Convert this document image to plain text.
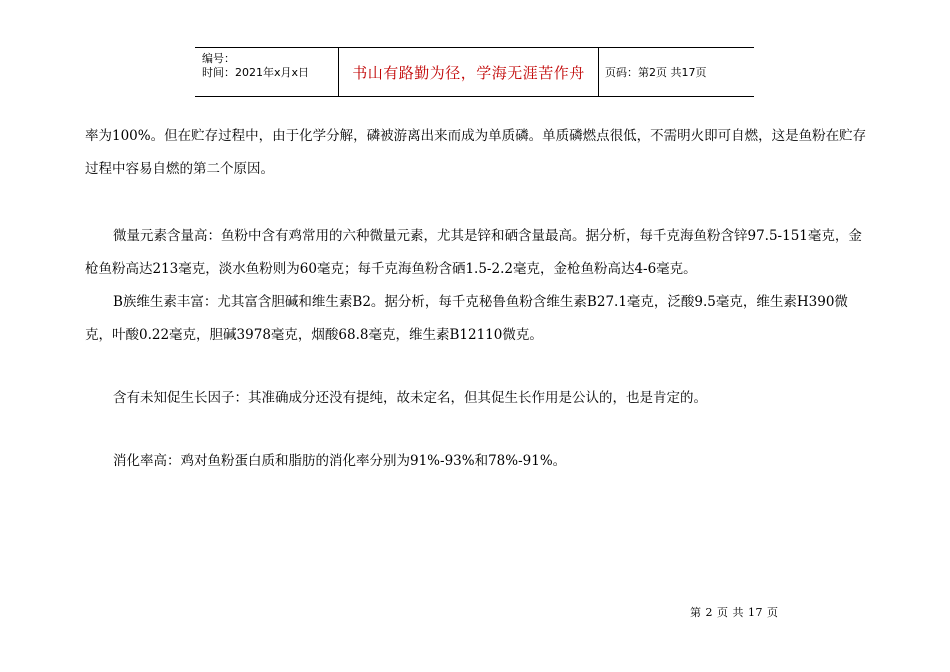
编号：
时间：2021年x月x日	书山有路勤为径，学海无涯苦作舟	页码：第2页 共17页

率为100%。但在贮存过程中，由于化学分解，磷被游离出来而成为单质磷。单质磷燃点很低，不需明火即可自燃，这是鱼粉在贮存过程中容易自燃的第二个原因。

微量元素含量高：鱼粉中含有鸡常用的六种微量元素，尤其是锌和硒含量最高。据分析，每千克海鱼粉含锌97.5-151毫克，金枪鱼粉高达213毫克，淡水鱼粉则为60毫克；每千克海鱼粉含硒1.5-2.2毫克，金枪鱼粉高达4-6毫克。

B族维生素丰富：尤其富含胆碱和维生素B2。据分析，每千克秘鲁鱼粉含维生素B27.1毫克，泛酸9.5毫克，维生素H390微克，叶酸0.22毫克，胆碱3978毫克，烟酸68.8毫克，维生素B12110微克。

含有未知促生长因子：其准确成分还没有提纯，故未定名，但其促生长作用是公认的，也是肯定的。

消化率高：鸡对鱼粉蛋白质和脂肪的消化率分别为91%-93%和78%-91%。

第 2 页 共 17 页
